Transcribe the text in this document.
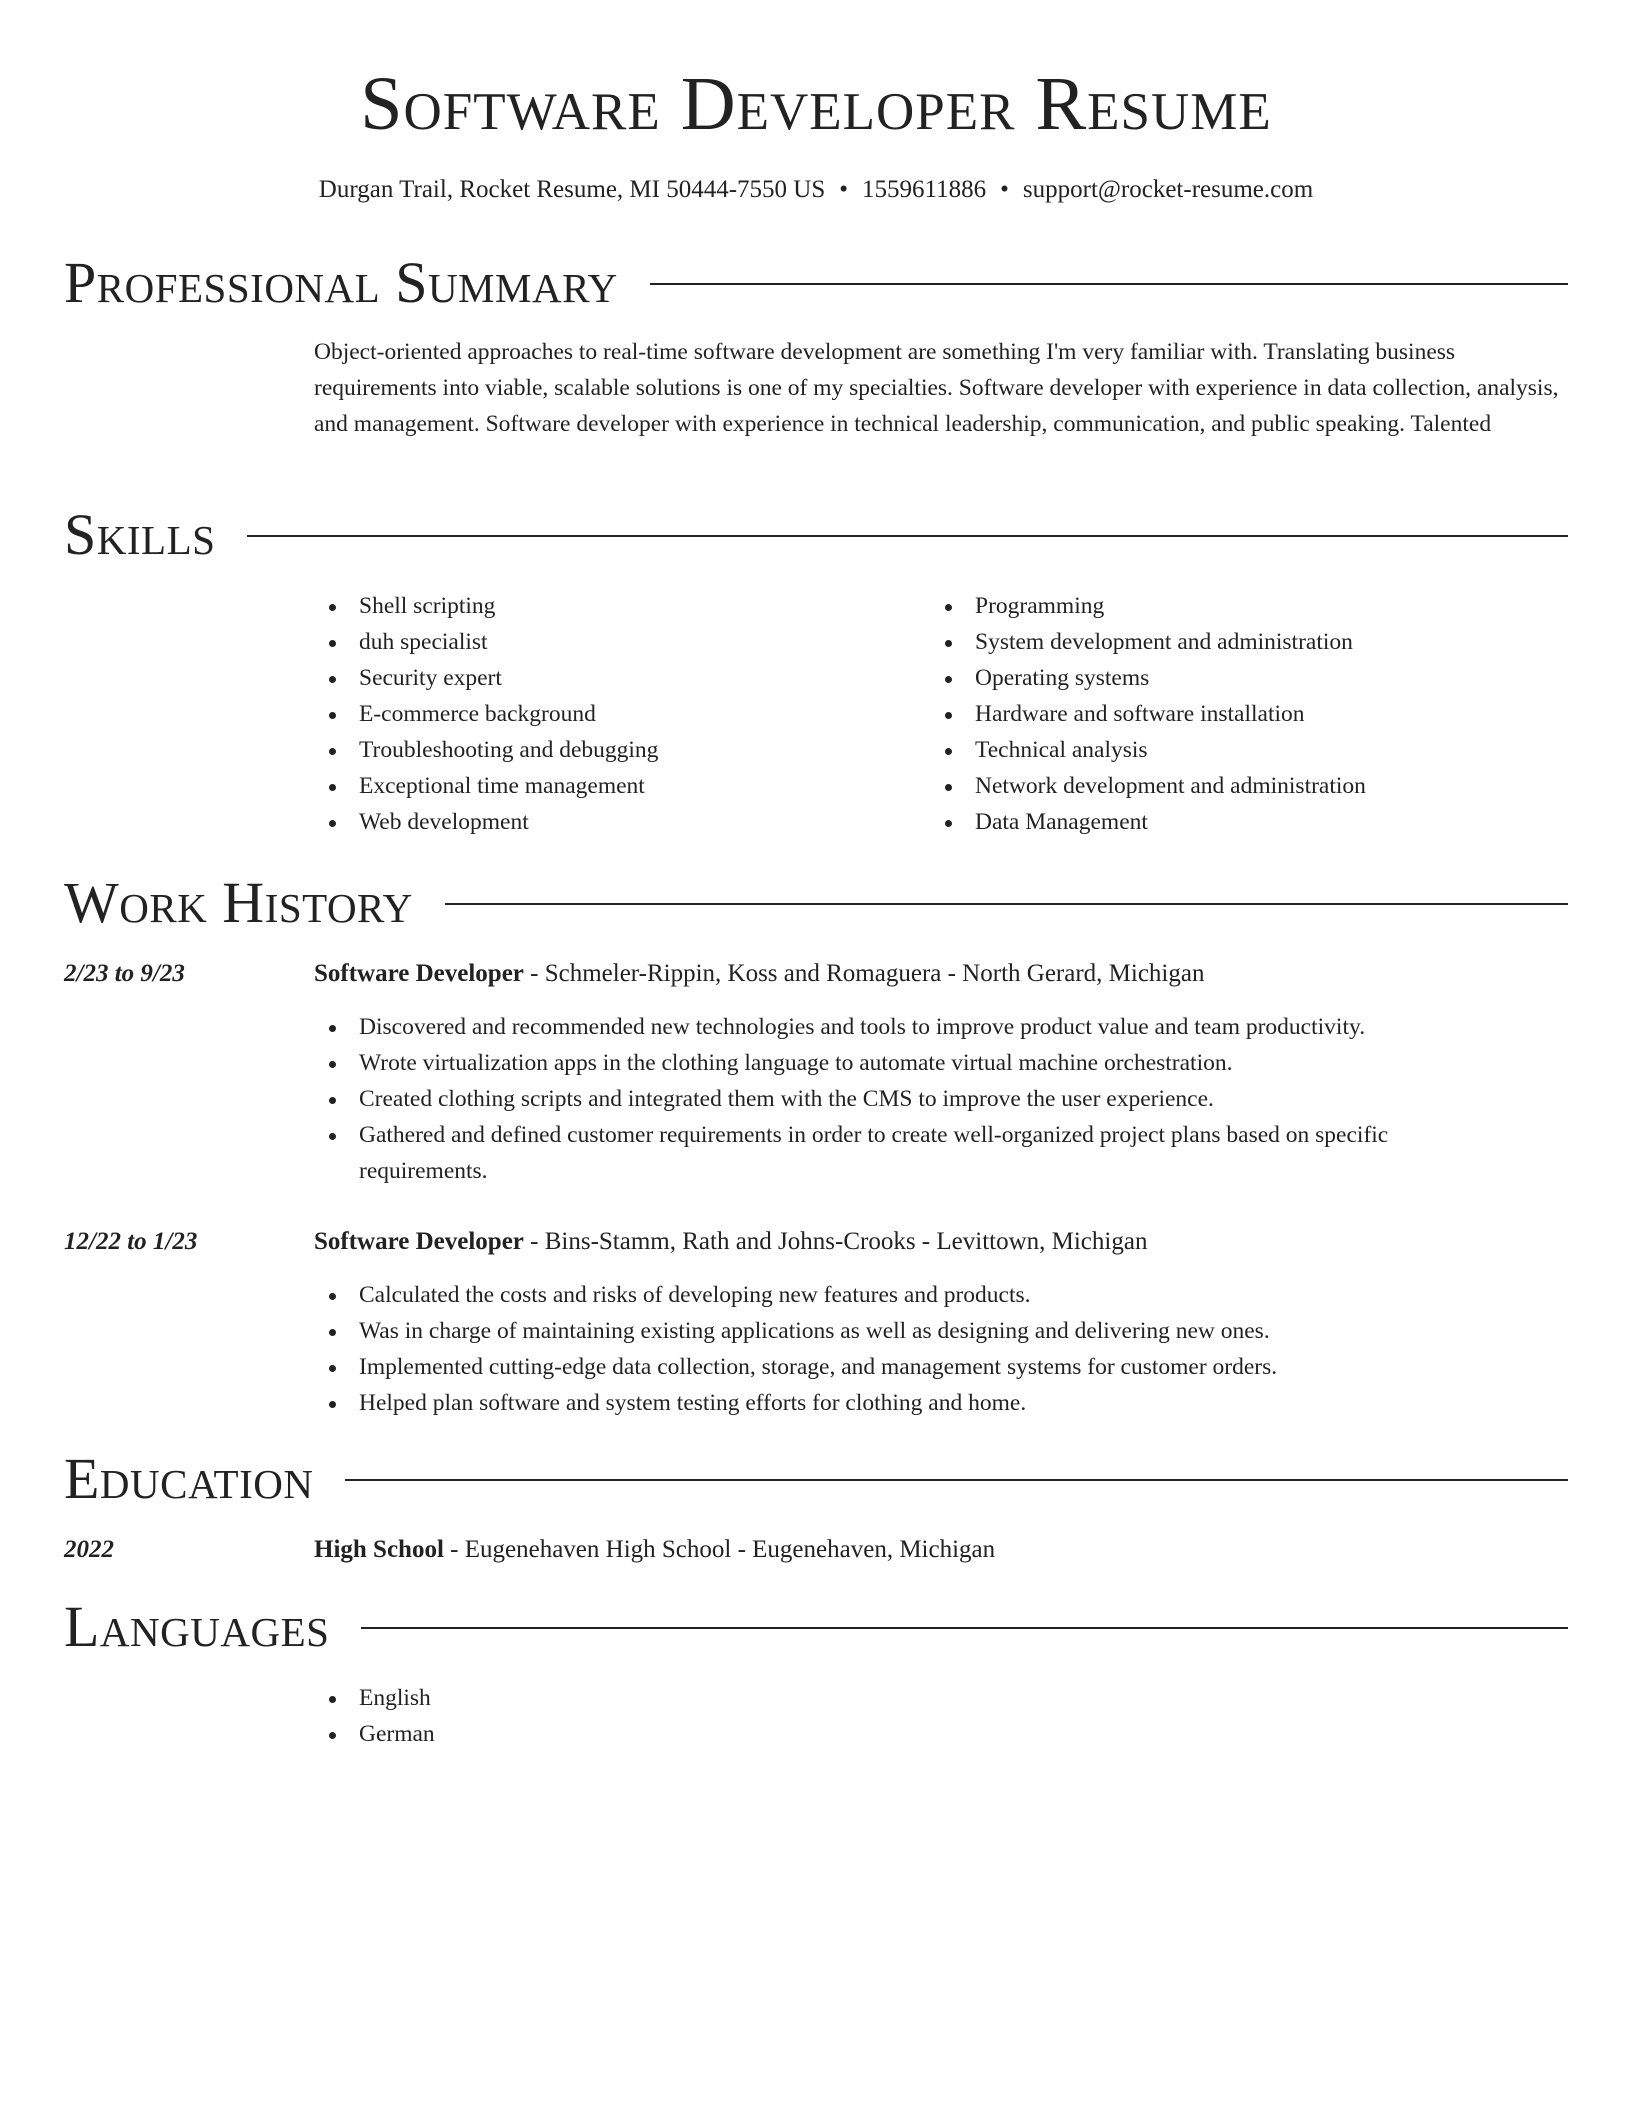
Software Developer Resume
Durgan Trail, Rocket Resume, MI 50444-7550 US • 1559611886 • support@rocket-resume.com
Professional Summary

Object-oriented approaches to real-time software development are something I'm very familiar with. Translating business requirements into viable, scalable solutions is one of my specialties. Software developer with experience in data collection, analysis, and management. Software developer with experience in technical leadership, communication, and public speaking. Talented

Skills
Shell scripting
duh specialist
Security expert
E-commerce background
Troubleshooting and debugging
Exceptional time management
Web development
Programming
System development and administration
Operating systems
Hardware and software installation
Technical analysis
Network development and administration
Data Management
Work History
2/23 to 9/23	Software Developer - Schmeler-Rippin, Koss and Romaguera - North Gerard, Michigan
Discovered and recommended new technologies and tools to improve product value and team productivity.
Wrote virtualization apps in the clothing language to automate virtual machine orchestration.
Created clothing scripts and integrated them with the CMS to improve the user experience.
Gathered and defined customer requirements in order to create well-organized project plans based on specific requirements.
12/22 to 1/23	Software Developer - Bins-Stamm, Rath and Johns-Crooks - Levittown, Michigan
Calculated the costs and risks of developing new features and products.
Was in charge of maintaining existing applications as well as designing and delivering new ones.
Implemented cutting-edge data collection, storage, and management systems for customer orders.
Helped plan software and system testing efforts for clothing and home.
Education
2022	High School - Eugenehaven High School - Eugenehaven, Michigan
Languages
English
German
